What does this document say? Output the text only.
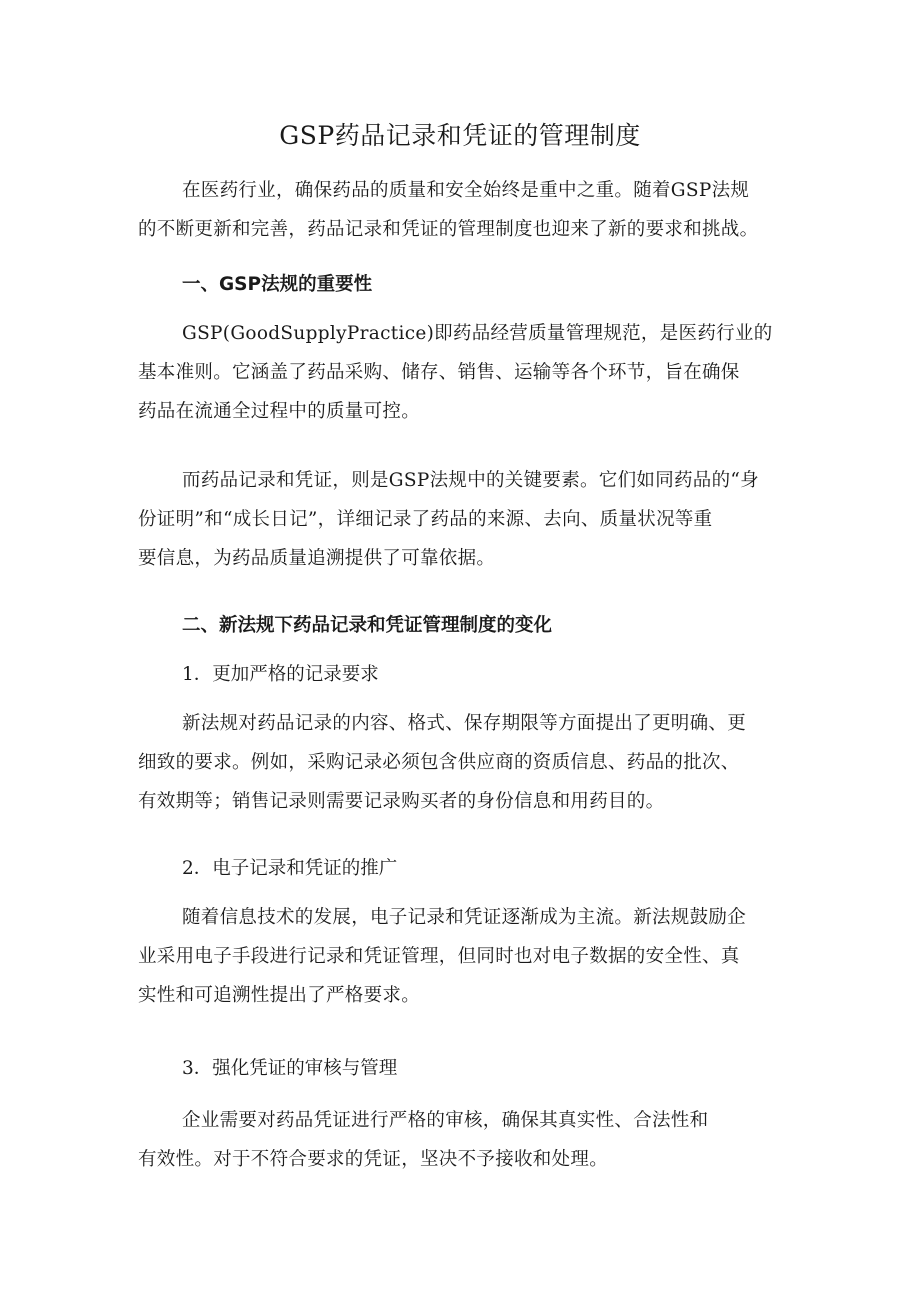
GSP药品记录和凭证的管理制度
在医药行业，确保药品的质量和安全始终是重中之重。随着GSP法规
的不断更新和完善，药品记录和凭证的管理制度也迎来了新的要求和挑战。
一、GSP法规的重要性
GSP(GoodSupplyPractice)即药品经营质量管理规范，是医药行业的
基本准则。它涵盖了药品采购、储存、销售、运输等各个环节，旨在确保
药品在流通全过程中的质量可控。
而药品记录和凭证，则是GSP法规中的关键要素。它们如同药品的“身
份证明”和“成长日记”，详细记录了药品的来源、去向、质量状况等重
要信息，为药品质量追溯提供了可靠依据。
二、新法规下药品记录和凭证管理制度的变化
1．更加严格的记录要求
新法规对药品记录的内容、格式、保存期限等方面提出了更明确、更
细致的要求。例如，采购记录必须包含供应商的资质信息、药品的批次、
有效期等；销售记录则需要记录购买者的身份信息和用药目的。
2．电子记录和凭证的推广
随着信息技术的发展，电子记录和凭证逐渐成为主流。新法规鼓励企
业采用电子手段进行记录和凭证管理，但同时也对电子数据的安全性、真
实性和可追溯性提出了严格要求。
3．强化凭证的审核与管理
企业需要对药品凭证进行严格的审核，确保其真实性、合法性和
有效性。对于不符合要求的凭证，坚决不予接收和处理。
